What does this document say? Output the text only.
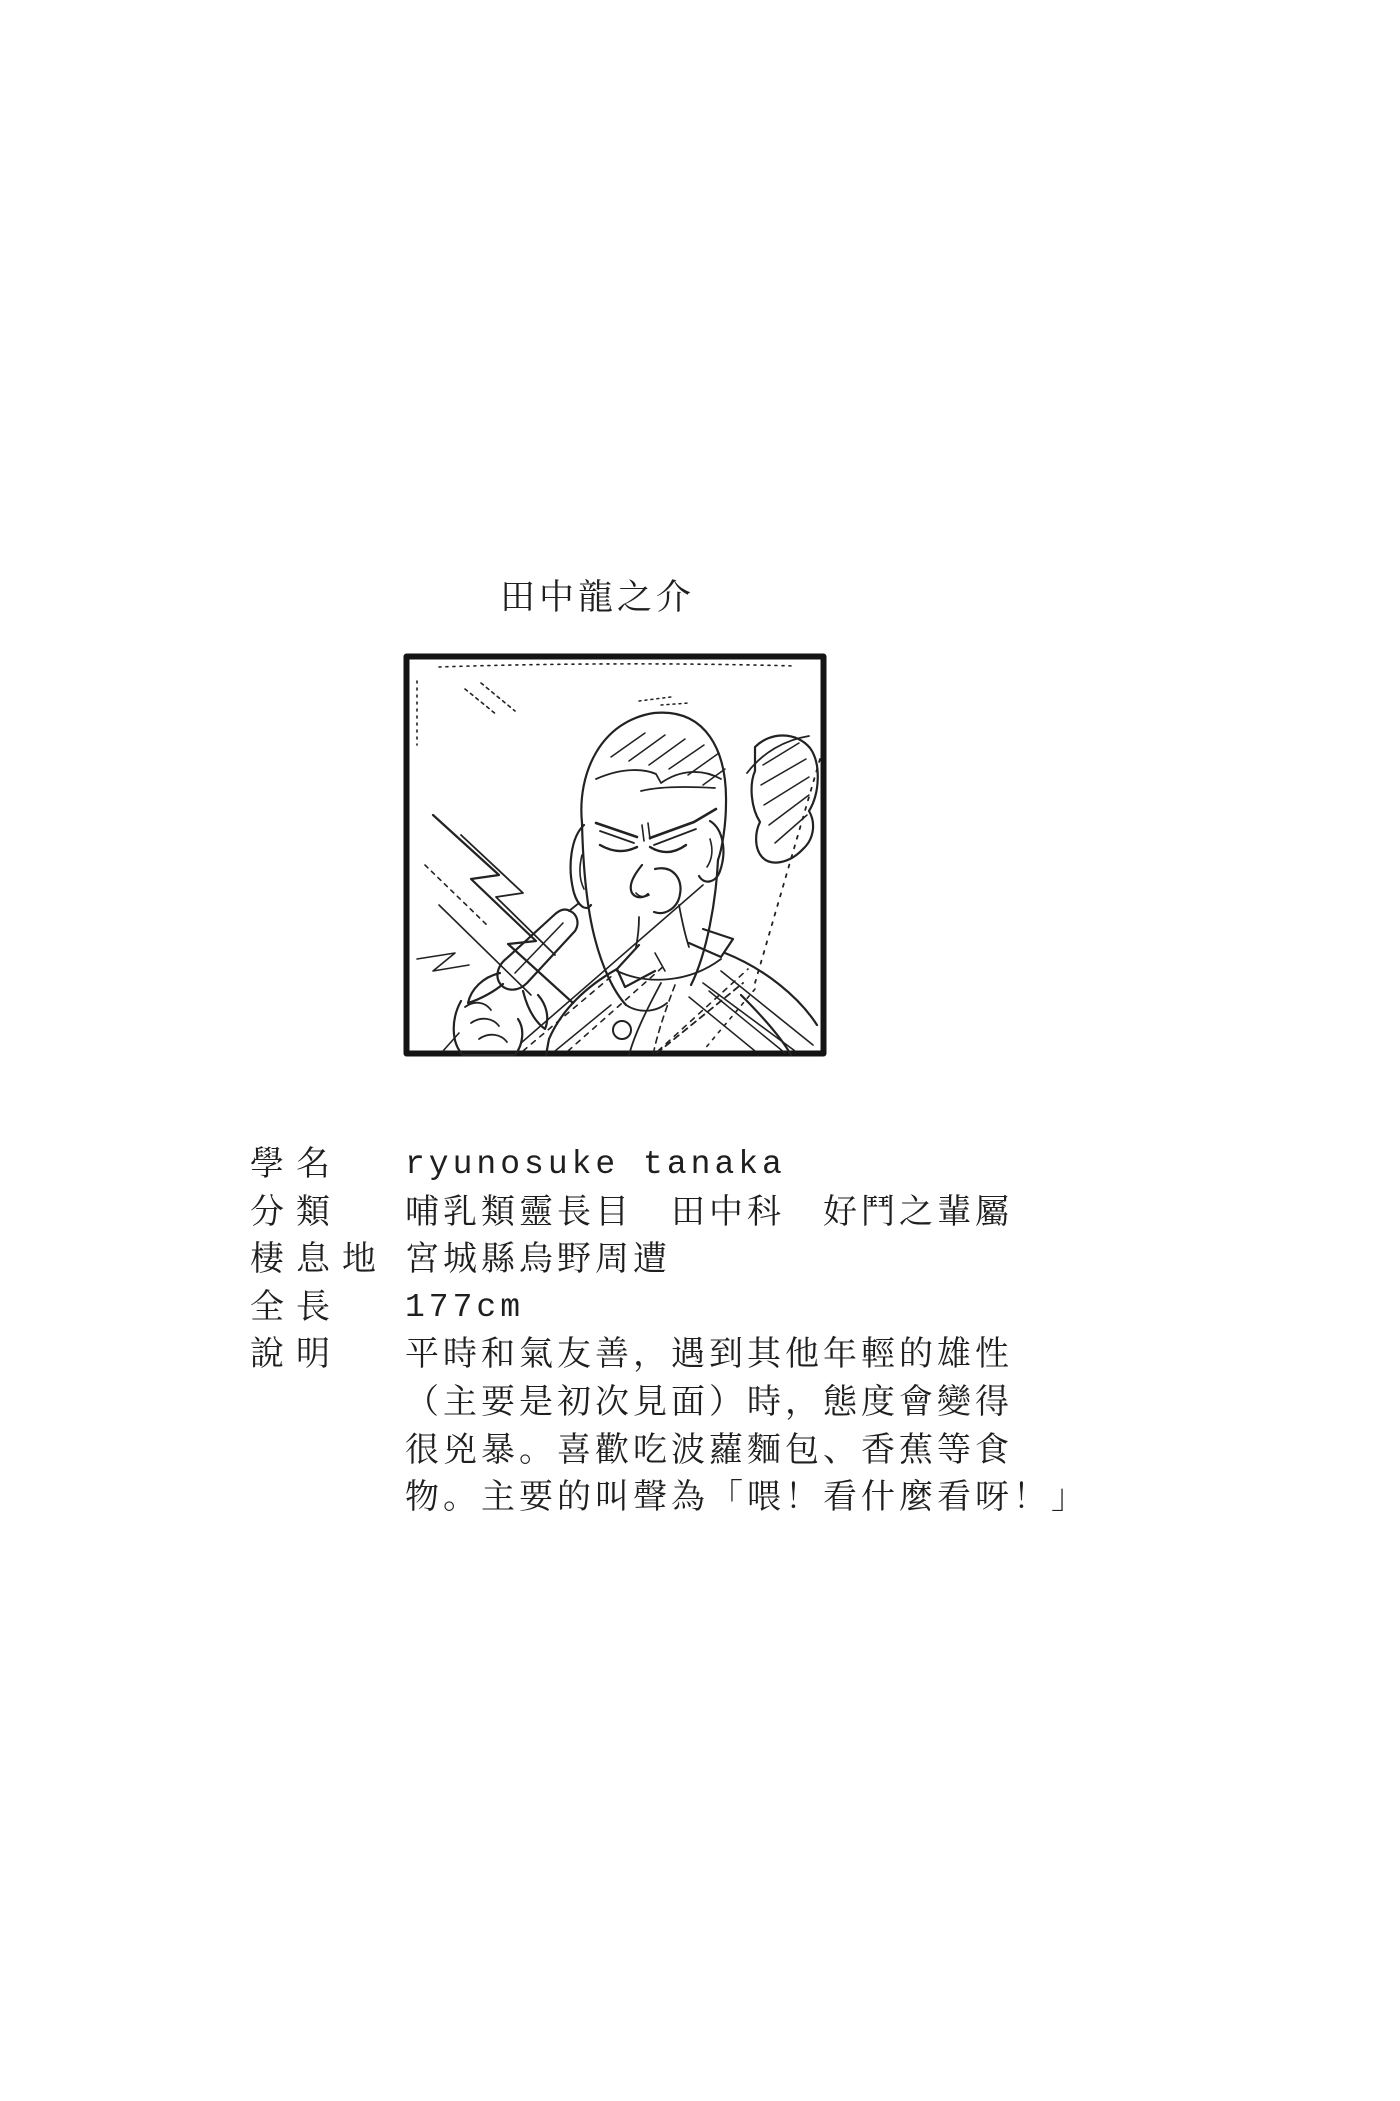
田中龍之介
學名	ryunosuke tanaka
分類	哺乳類靈長目　田中科　好鬥之輩屬
棲息地 宮城縣烏野周遭
全長	177cm
說明	平時和氣友善，遇到其他年輕的雄性
（主要是初次見面）時，態度會變得
很兇暴。喜歡吃波蘿麵包、香蕉等食
物。主要的叫聲為「喂！看什麼看呀！」
